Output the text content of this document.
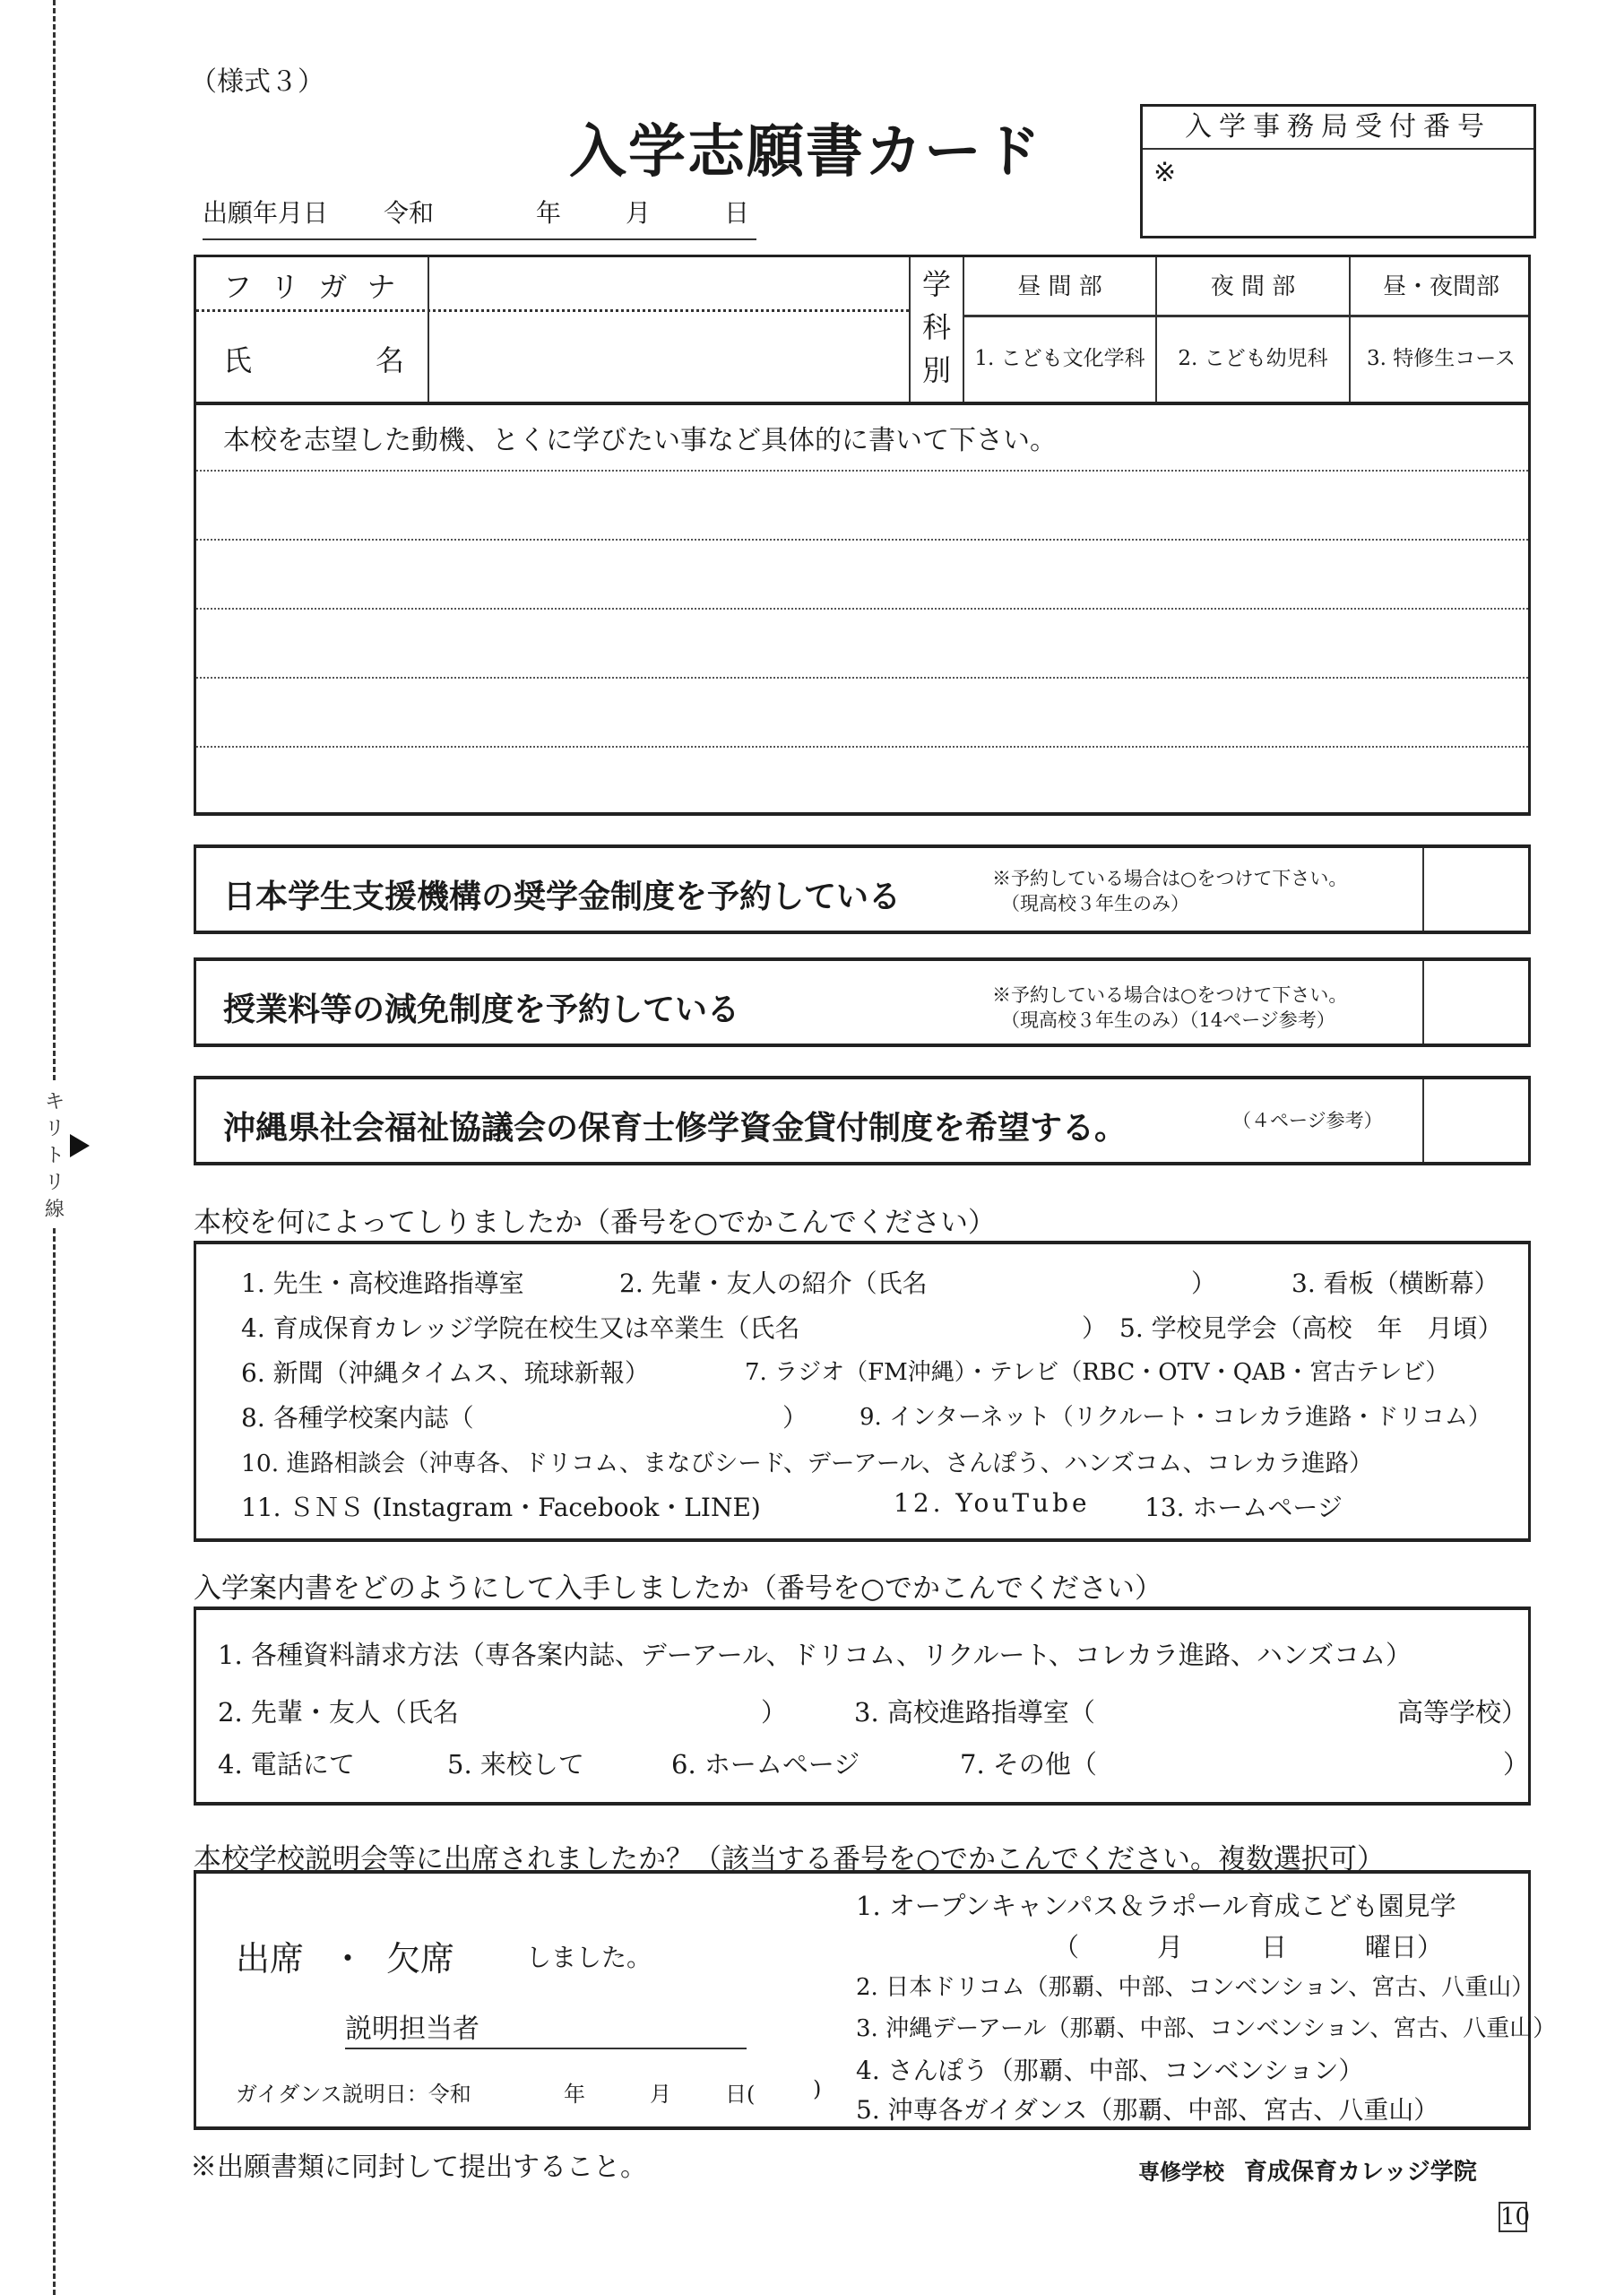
キ
リ
ト
リ
線
（様式３）
入学志願書カード
出願年月日 令和	年	月	日
入学事務局受付番号
※
フリガナ
氏	名
学
科
別
昼 間 部	夜 間 部	昼・夜間部
1. こども文化学科	2. こども幼児科	3. 特修生コース
本校を志望した動機、とくに学びたい事など具体的に書いて下さい。
日本学生支援機構の奨学金制度を予約している	※予約している場合は○をつけて下さい。
（現高校３年生のみ）
授業料等の減免制度を予約している	※予約している場合は○をつけて下さい。
（現高校３年生のみ）（14ページ参考）
沖縄県社会福祉協議会の保育士修学資金貸付制度を希望する。	（４ページ参考）
本校を何によってしりましたか（番号を○でかこんでください）
1. 先生・高校進路指導室	2. 先輩・友人の紹介（氏名	）	3. 看板（横断幕）
4. 育成保育カレッジ学院在校生又は卒業生（氏名	） 5. 学校見学会（高校　年　月頃）
6. 新聞（沖縄タイムス、琉球新報）	7. ラジオ（FM沖縄）・テレビ（RBC・OTV・QAB・宮古テレビ）
8. 各種学校案内誌（	） 9. インターネット（リクルート・コレカラ進路・ドリコム）
10. 進路相談会（沖専各、ドリコム、まなびシード、デーアール、さんぽう、ハンズコム、コレカラ進路）
11. ＳＮＳ (Instagram・Facebook・LINE)	12. YouTube 13. ホームページ
入学案内書をどのようにして入手しましたか（番号を○でかこんでください）
1. 各種資料請求方法（専各案内誌、デーアール、ドリコム、リクルート、コレカラ進路、ハンズコム）
2. 先輩・友人（氏名	）	3. 高校進路指導室（	高等学校）
4. 電話にて	5. 来校して	6. ホームページ	7. その他（	）
本校学校説明会等に出席されましたか？（該当する番号を○でかこんでください。複数選択可）
出席 ・ 欠席	しました。
説明担当者
ガイダンス説明日：令和	年	月	日(	)
1. オープンキャンパス＆ラポール育成こども園見学
（　　　月　　　日　　　曜日）
2. 日本ドリコム（那覇、中部、コンベンション、宮古、八重山）
3. 沖縄デーアール（那覇、中部、コンベンション、宮古、八重山）
4. さんぽう（那覇、中部、コンベンション）
5. 沖専各ガイダンス（那覇、中部、宮古、八重山）
※出願書類に同封して提出すること。	専修学校 育成保育カレッジ学院
10
